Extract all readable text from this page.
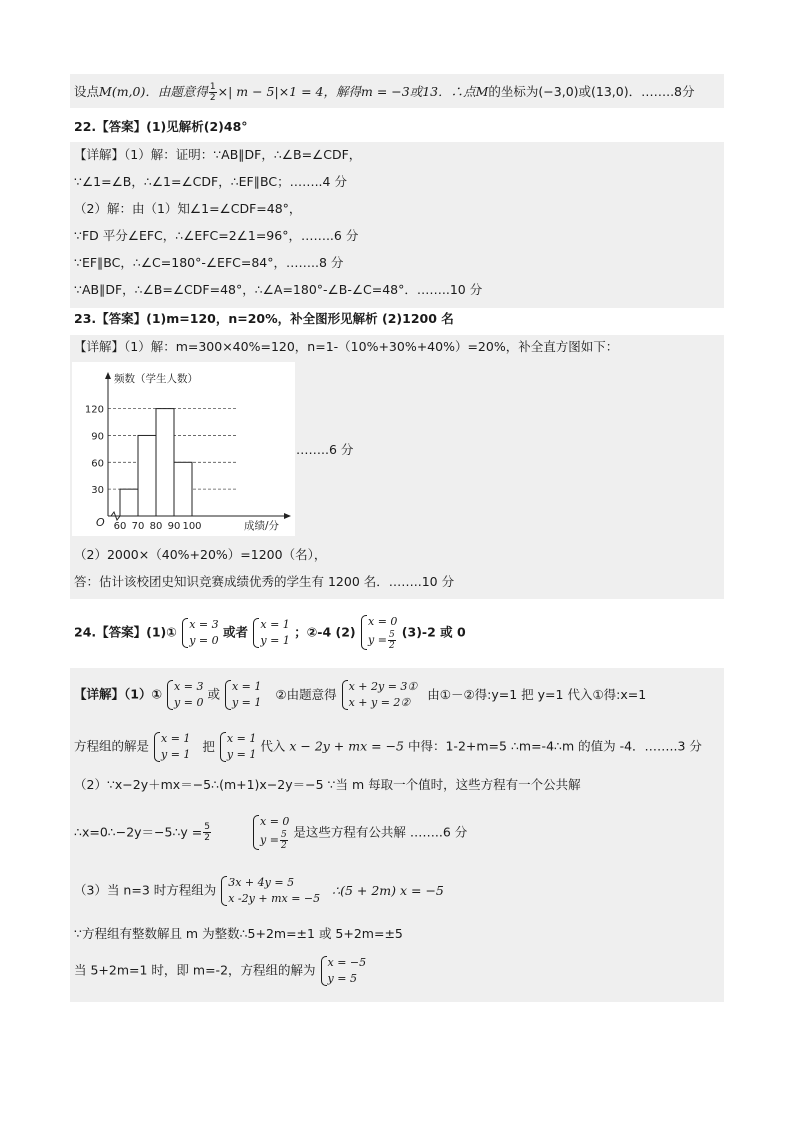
设点M(m,0)．由题意得 $\frac{1}{2}$ ×| m − 5|×1 = 4，解得m = −3或13．∴点M的坐标为(−3,0)或(13,0)．……..8分
22.【答案】(1)见解析(2)48°
【详解】（1）解：证明：∵AB∥DF，∴∠B=∠CDF，
∵∠1=∠B，∴∠1=∠CDF，∴EF∥BC；……..4 分
（2）解：由（1）知∠1=∠CDF=48°，
∵FD 平分∠EFC，∴∠EFC=2∠1=96°，……..6 分
∵EF∥BC，∴∠C=180°-∠EFC=84°，……..8 分
∵AB∥DF，∴∠B=∠CDF=48°，∴∠A=180°-∠B-∠C=48°．……..10 分
23.【答案】(1)m=120，n=20%，补全图形见解析 (2)1200 名
【详解】（1）解：m=300×40%=120，n=1-（10%+30%+40%）=20%，补全直方图如下：
30
60
90
120
60 70 80 90 100
O
频数（学生人数）
成绩/分
……..6 分
（2）2000×（40%+20%）=1200（名），
答：估计该校团史知识竞赛成绩优秀的学生有 1200 名．……..10 分
24.【答案】(1)①
x = 3
y = 0
或者
x = 1
y = 1
；②-4 (2)
x = 0
$y = \frac{5}{2} (3)-2$ 或 0
【详解】（1）①
x = 3
y = 0
或
x = 1
y = 1
②由题意得
x + 2y = 3①
x + y = 2②
由①－②得:y=1 把 y=1 代入①得:x=1
方程组的解是
x = 1
y = 1
把
x = 1
y = 1
代入 x − 2y + mx = −5 中得：1-2+m=5 ∴m=-4∴m 的值为 -4．……..3 分
（2）∵x−2y＋mx＝−5∴(m+1)x−2y＝−5 ∵当 m 每取一个值时，这些方程有一个公共解
∴x=0∴−2y＝−5∴y = $\frac{5}{2}$

x = 0
$y = \frac{5}{2}$ 是这些方程有公共解 ……..6 分
（3）当 n=3 时方程组为
3x + 4y = 5
x -2y + mx = −5
∴(5 + 2m) x = −5
∵方程组有整数解且 m 为整数∴5+2m=±1 或 5+2m=±5
当 5+2m=1 时，即 m=-2，方程组的解为
x = −5
y = 5
